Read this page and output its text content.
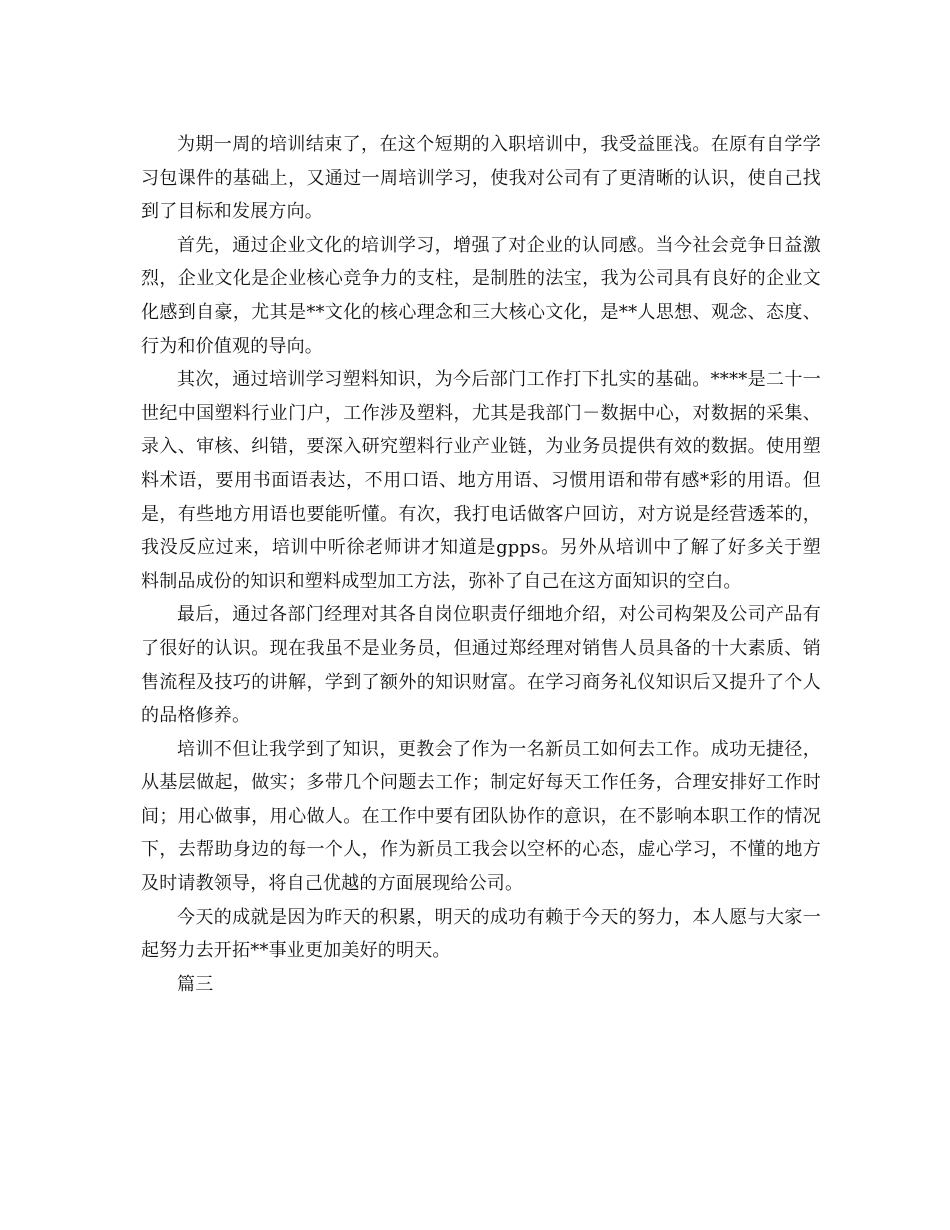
为期一周的培训结束了，在这个短期的入职培训中，我受益匪浅。在原有自学学习包课件的基础上，又通过一周培训学习，使我对公司有了更清晰的认识，使自己找到了目标和发展方向。

首先，通过企业文化的培训学习，增强了对企业的认同感。当今社会竞争日益激烈，企业文化是企业核心竞争力的支柱，是制胜的法宝，我为公司具有良好的企业文化感到自豪，尤其是**文化的核心理念和三大核心文化，是**人思想、观念、态度、行为和价值观的导向。

其次，通过培训学习塑料知识，为今后部门工作打下扎实的基础。****是二十一世纪中国塑料行业门户，工作涉及塑料，尤其是我部门－数据中心，对数据的采集、录入、审核、纠错，要深入研究塑料行业产业链，为业务员提供有效的数据。使用塑料术语，要用书面语表达，不用口语、地方用语、习惯用语和带有感*彩的用语。但是，有些地方用语也要能听懂。有次，我打电话做客户回访，对方说是经营透苯的，我没反应过来，培训中听徐老师讲才知道是gpps。另外从培训中了解了好多关于塑料制品成份的知识和塑料成型加工方法，弥补了自己在这方面知识的空白。

最后，通过各部门经理对其各自岗位职责仔细地介绍，对公司构架及公司产品有了很好的认识。现在我虽不是业务员，但通过郑经理对销售人员具备的十大素质、销售流程及技巧的讲解，学到了额外的知识财富。在学习商务礼仪知识后又提升了个人的品格修养。

培训不但让我学到了知识，更教会了作为一名新员工如何去工作。成功无捷径，从基层做起，做实；多带几个问题去工作；制定好每天工作任务，合理安排好工作时间；用心做事，用心做人。在工作中要有团队协作的意识，在不影响本职工作的情况下，去帮助身边的每一个人，作为新员工我会以空杯的心态，虚心学习，不懂的地方及时请教领导，将自己优越的方面展现给公司。

今天的成就是因为昨天的积累，明天的成功有赖于今天的努力，本人愿与大家一起努力去开拓**事业更加美好的明天。

篇三
